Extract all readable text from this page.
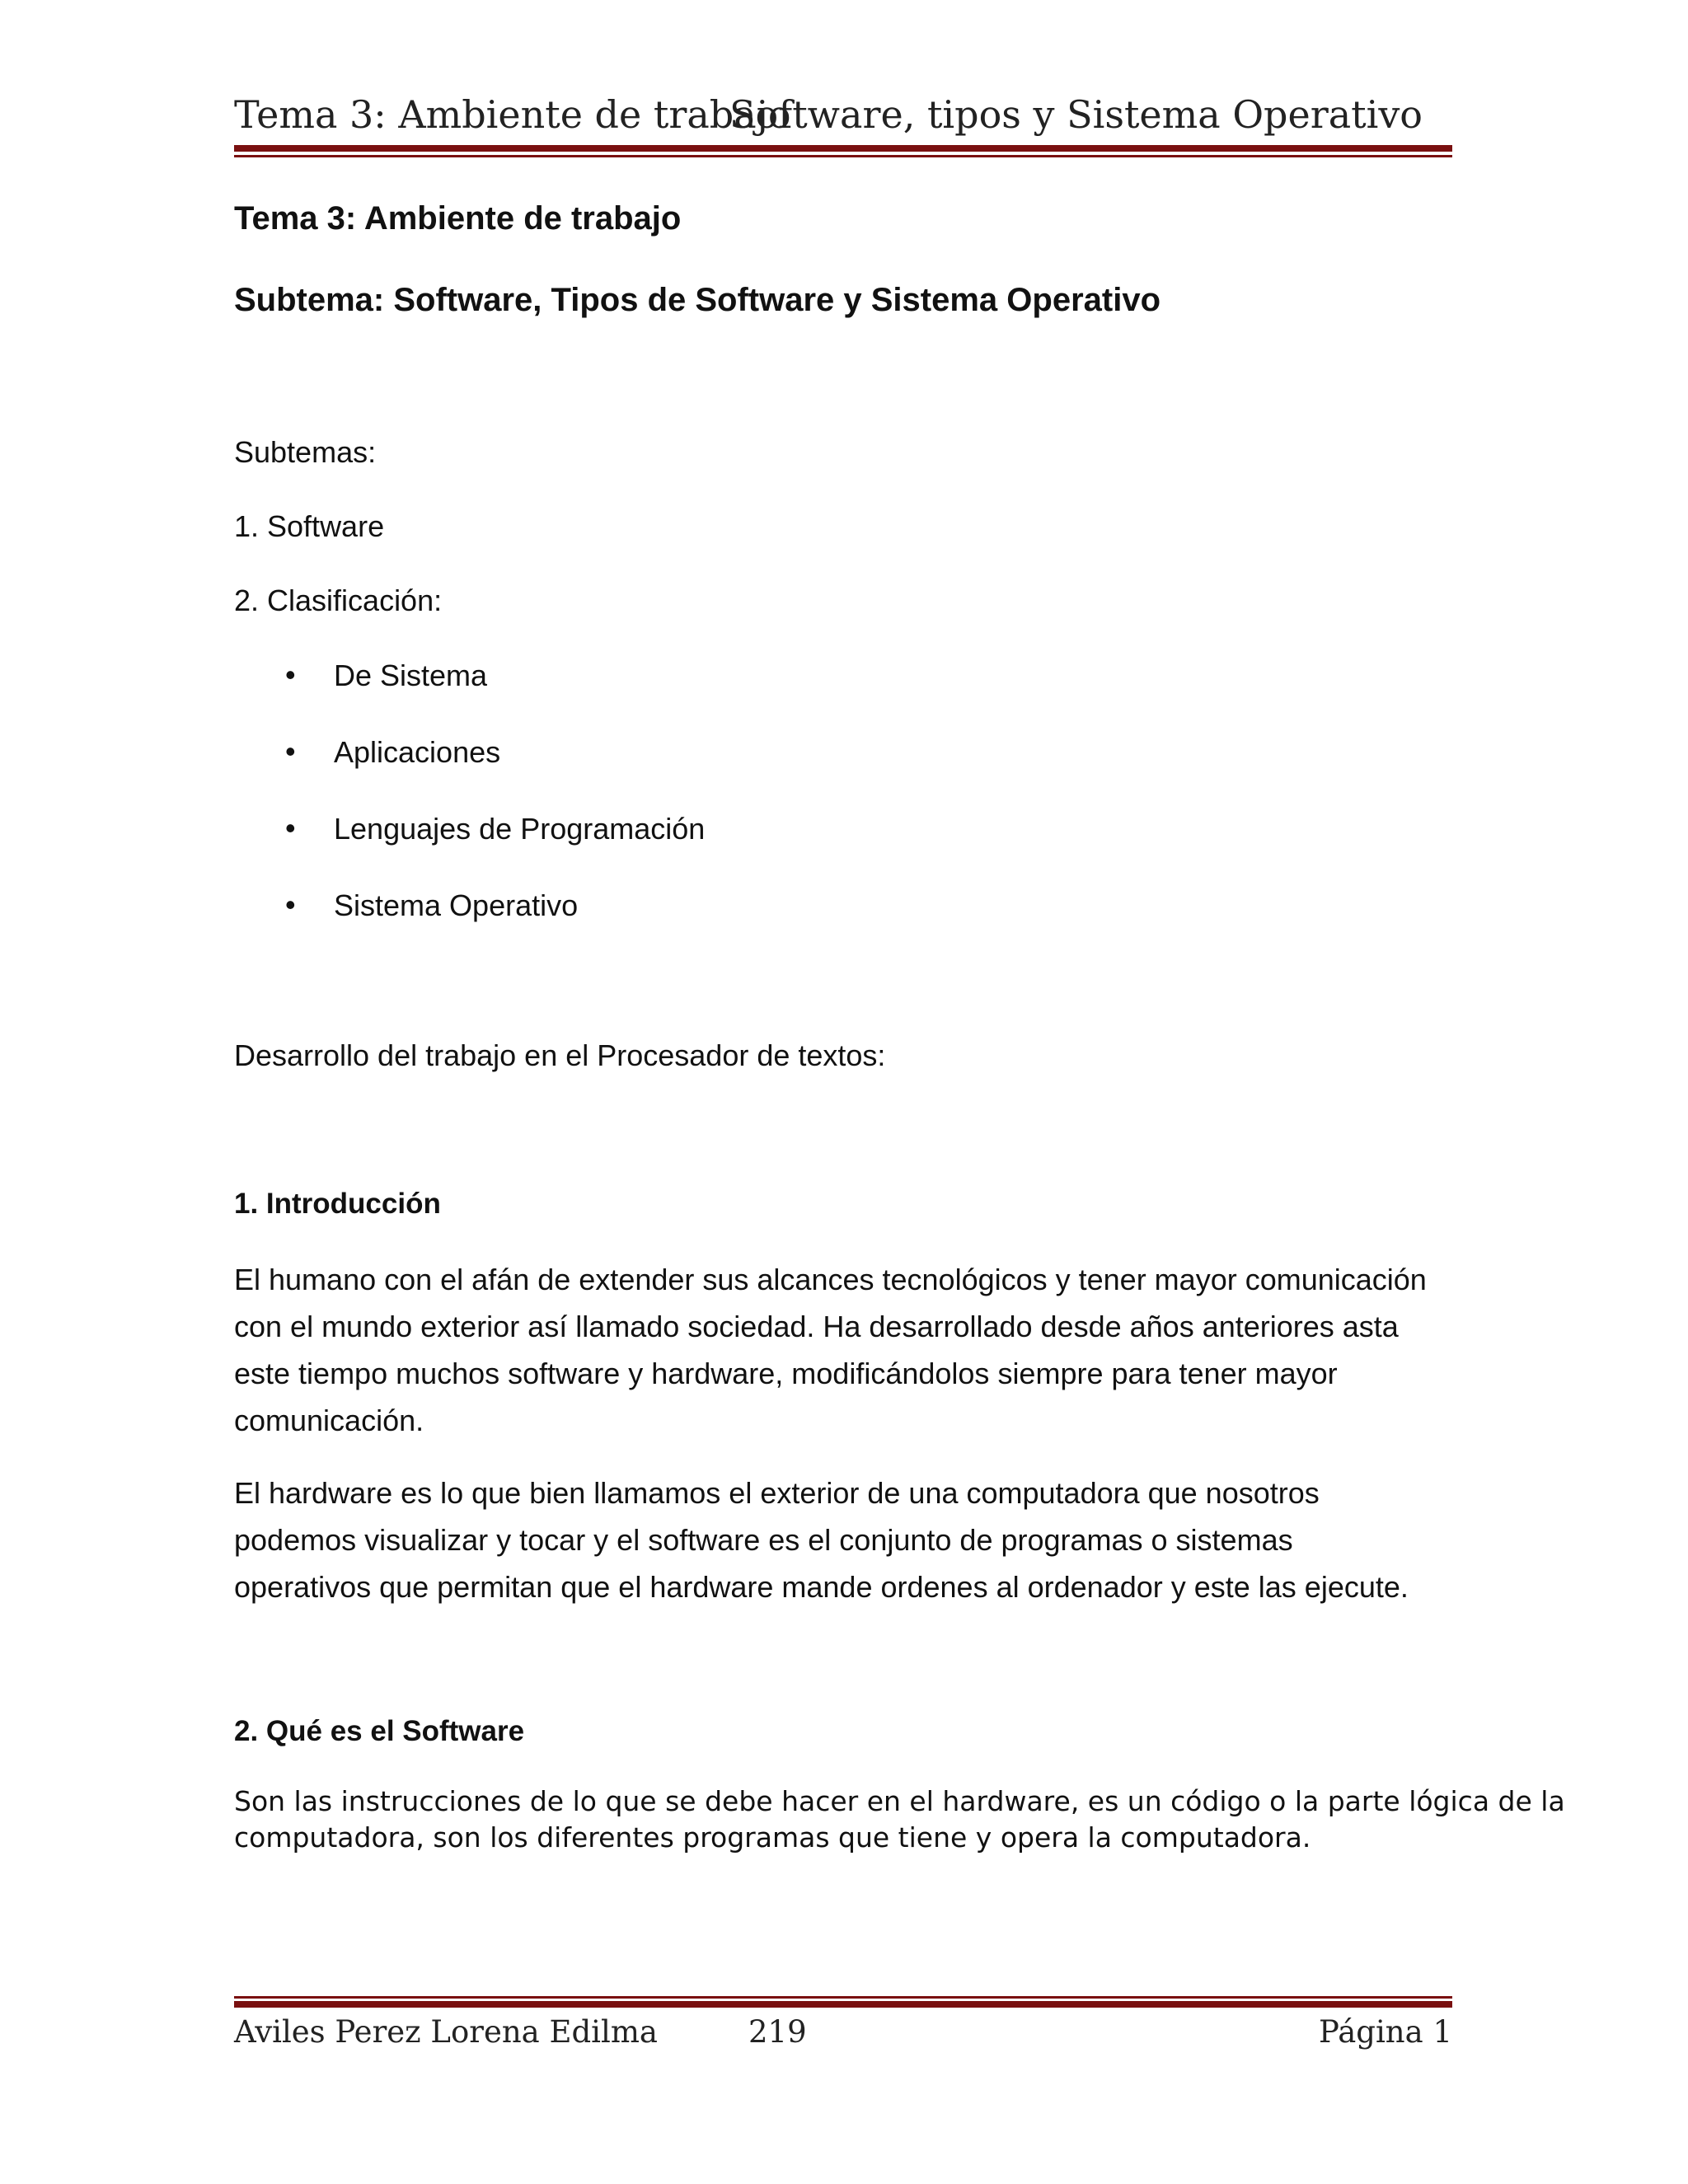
Tema 3: Ambiente de trabajo
Software, tipos y Sistema Operativo
Tema 3: Ambiente de trabajo
Subtema: Software, Tipos de Software y Sistema Operativo
Subtemas:
1. Software
2. Clasificación:
• De Sistema
• Aplicaciones
• Lenguajes de Programación
• Sistema Operativo
Desarrollo del trabajo en el Procesador de textos:
1. Introducción
El humano con el afán de extender sus alcances tecnológicos y tener mayor comunicación
con el mundo exterior así llamado sociedad. Ha desarrollado desde años anteriores asta
este tiempo muchos software y hardware, modificándolos siempre para tener mayor
comunicación.
El hardware es lo que bien llamamos el exterior de una computadora que nosotros
podemos visualizar y tocar y el software es el conjunto de programas o sistemas
operativos que permitan que el hardware mande ordenes al ordenador y este las ejecute.
2. Qué es el Software
Son las instrucciones de lo que se debe hacer en el hardware, es un código o la parte lógica de la
computadora, son los diferentes programas que tiene y opera la computadora.
Aviles Perez Lorena Edilma	219	Página 1
